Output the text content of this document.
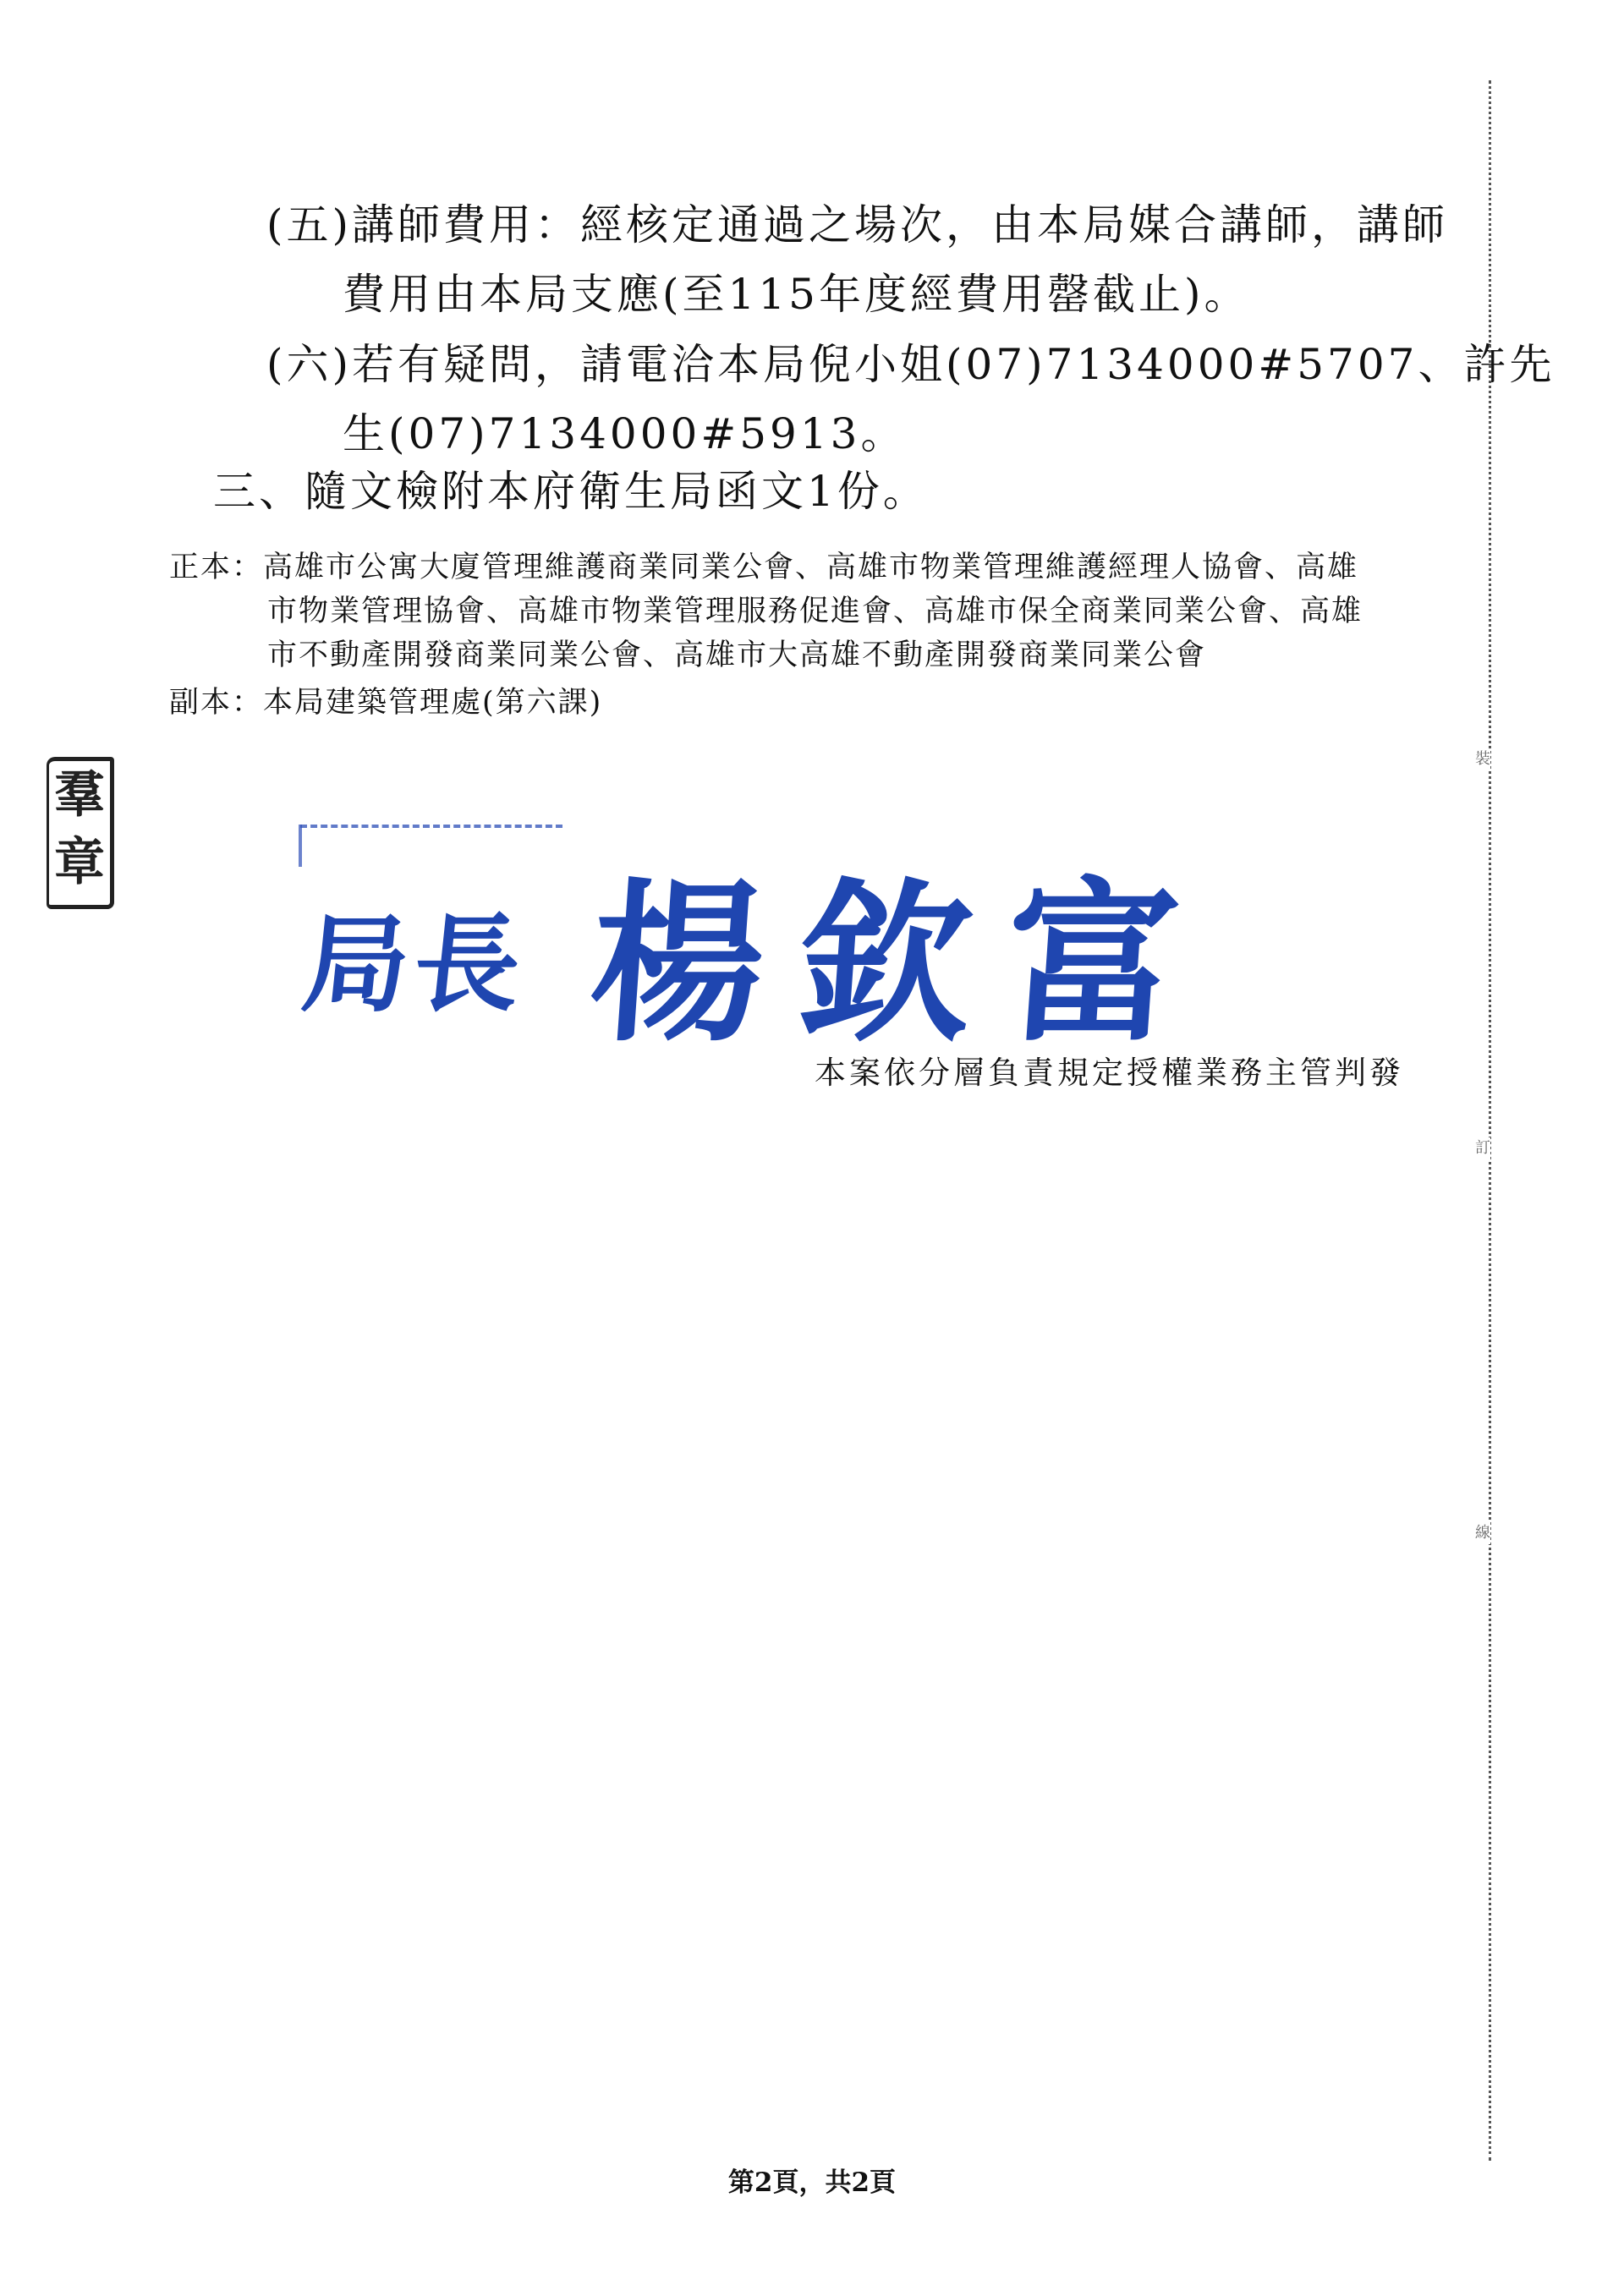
(五)講師費用：經核定通過之場次，由本局媒合講師，講師
費用由本局支應(至115年度經費用罄截止)。
(六)若有疑問，請電洽本局倪小姐(07)7134000#5707、許先
生(07)7134000#5913。
三、隨文檢附本府衛生局函文1份。
正本：高雄市公寓大廈管理維護商業同業公會、高雄市物業管理維護經理人協會、高雄
市物業管理協會、高雄市物業管理服務促進會、高雄市保全商業同業公會、高雄
市不動產開發商業同業公會、高雄市大高雄不動產開發商業同業公會
副本：本局建築管理處(第六課)
羣
章
局長 楊欽富
本案依分層負責規定授權業務主管判發
裝
訂
線
第2頁，共2頁
